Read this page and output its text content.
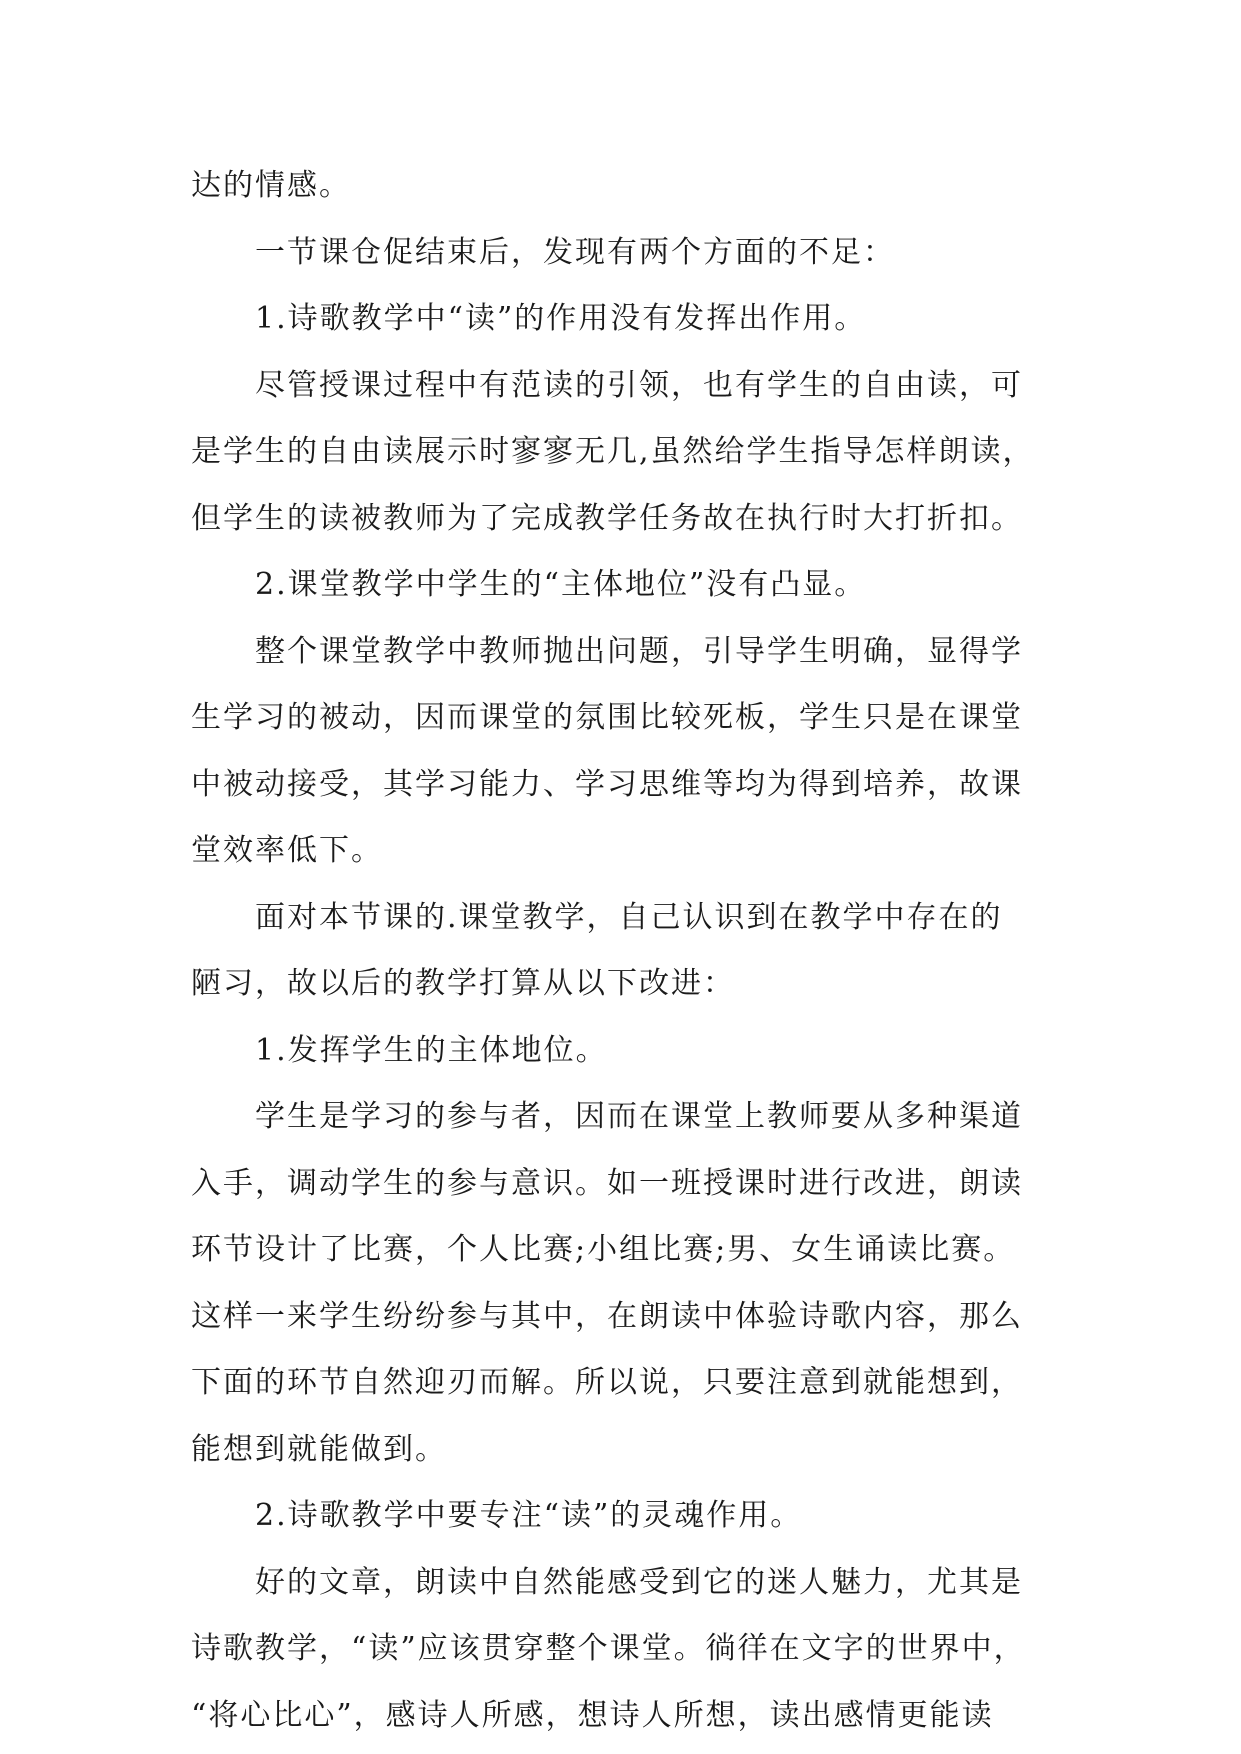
达的情感。
一节课仓促结束后，发现有两个方面的不足：
1.诗歌教学中“读”的作用没有发挥出作用。
尽管授课过程中有范读的引领，也有学生的自由读，可
是学生的自由读展示时寥寥无几,虽然给学生指导怎样朗读，
但学生的读被教师为了完成教学任务故在执行时大打折扣。
2.课堂教学中学生的“主体地位”没有凸显。
整个课堂教学中教师抛出问题，引导学生明确，显得学
生学习的被动，因而课堂的氛围比较死板，学生只是在课堂
中被动接受，其学习能力、学习思维等均为得到培养，故课
堂效率低下。
面对本节课的.课堂教学，自己认识到在教学中存在的
陋习，故以后的教学打算从以下改进：
1.发挥学生的主体地位。
学生是学习的参与者，因而在课堂上教师要从多种渠道
入手，调动学生的参与意识。如一班授课时进行改进，朗读
环节设计了比赛，个人比赛;小组比赛;男、女生诵读比赛。
这样一来学生纷纷参与其中，在朗读中体验诗歌内容，那么
下面的环节自然迎刃而解。所以说，只要注意到就能想到，
能想到就能做到。
2.诗歌教学中要专注“读”的灵魂作用。
好的文章，朗读中自然能感受到它的迷人魅力，尤其是
诗歌教学，“读”应该贯穿整个课堂。徜徉在文字的世界中，
“将心比心”，感诗人所感，想诗人所想，读出感情更能读
